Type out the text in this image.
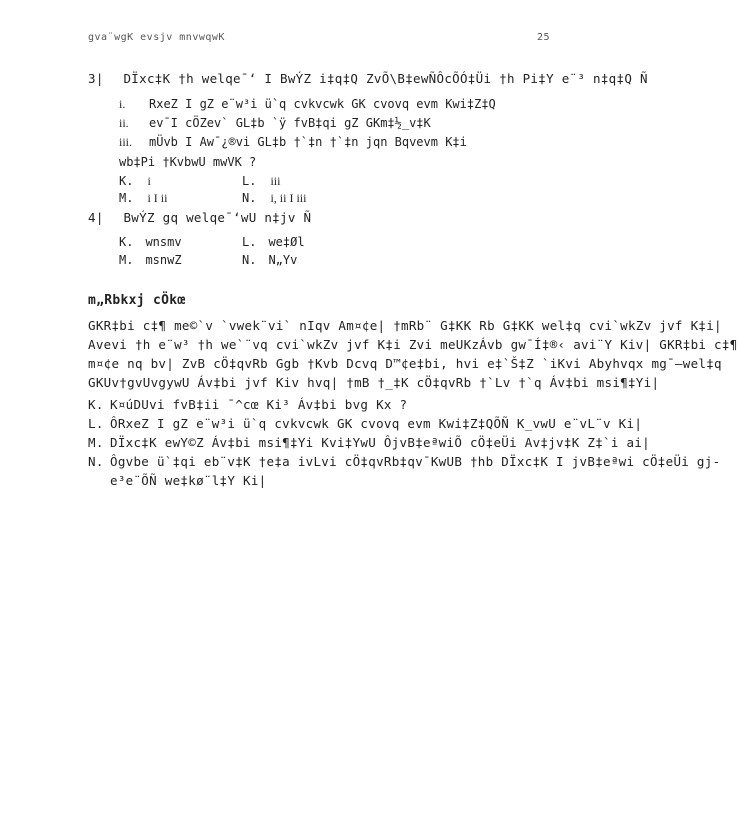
gva¨wgK evsjv mnvwqwK	25
3| DÏxc‡K †h welqe¯‘ I BwÝZ i‡q‡Q ZvÕ\B‡ewÑÔcÕÓ‡Üi †h Pi‡Y e¨³ n‡q‡Q Ñ
i. RxeZ I gZ e¨w³i ü`q cvkvcwk GK cvovq evm Kwi‡Z‡Q
ii. ev¯I cÖZev` GL‡b `ÿ fvB‡qi gZ GKm‡½_v‡K
iii. mÜvb I Aw¯¿®vi GL‡b †`‡n †`‡n jqn Bqvevm K‡i
wb‡Pi †KvbwU mwVK ?
K. i	L. iii
M. i I ii	N. i, ii I iii
4| BwÝZ gq welqe¯‘wU n‡jv Ñ
K. wnsmv	L. we‡Øl
M. msnwZ	N. N„Yv
m„Rbkxj cÖkœ
GKR‡bi c‡¶ me©`v `vwek¨vi` nIqv Am¤¢e| †mRb¨ G‡KK Rb G‡KK wel‡q cvi`wkZv jvf K‡i|
Avevi †h e¨w³ †h we`¨vq cvi`wkZv jvf K‡i Zvi meUKzÁvb gw¯Í‡®‹ avi¨Y Kiv| GKR‡bi c‡¶
m¤¢e nq bv| ZvB cÖ‡qvRb Ggb †Kvb Dcvq D™¢e‡bi, hvi e‡`Š‡Z `iKvi Abyhvqx mg¯—wel‡q
GKUv†gvUvgywU Áv‡bi jvf Kiv hvq| †mB †_‡K cÖ‡qvRb †`Lv †`q Áv‡bi msi¶‡Yi|
K. K¤úDUvi fvB‡ii ¯^cœ Ki³ Áv‡bi bvg Kx ?
L. ÔRxeZ I gZ e¨w³i ü`q cvkvcwk GK cvovq evm Kwi‡Z‡QÕÑ K_vwU e¨vL¨v Ki|
M. DÏxc‡K ewY©Z Áv‡bi msi¶‡Yi Kvi‡YwU ÔjvB‡eªwiÕ cÖ‡eÜi Av‡jv‡K Z‡`i ai|
N. Ôgvbe ü`‡qi eb¨v‡K †e‡a ivLvi cÖ‡qvRb‡qv¯KwUB †hb DÏxc‡K I jvB‡eªwi cÖ‡eÜi gj-
e³e¨ÕÑ we‡kø¨l‡Y Ki|
